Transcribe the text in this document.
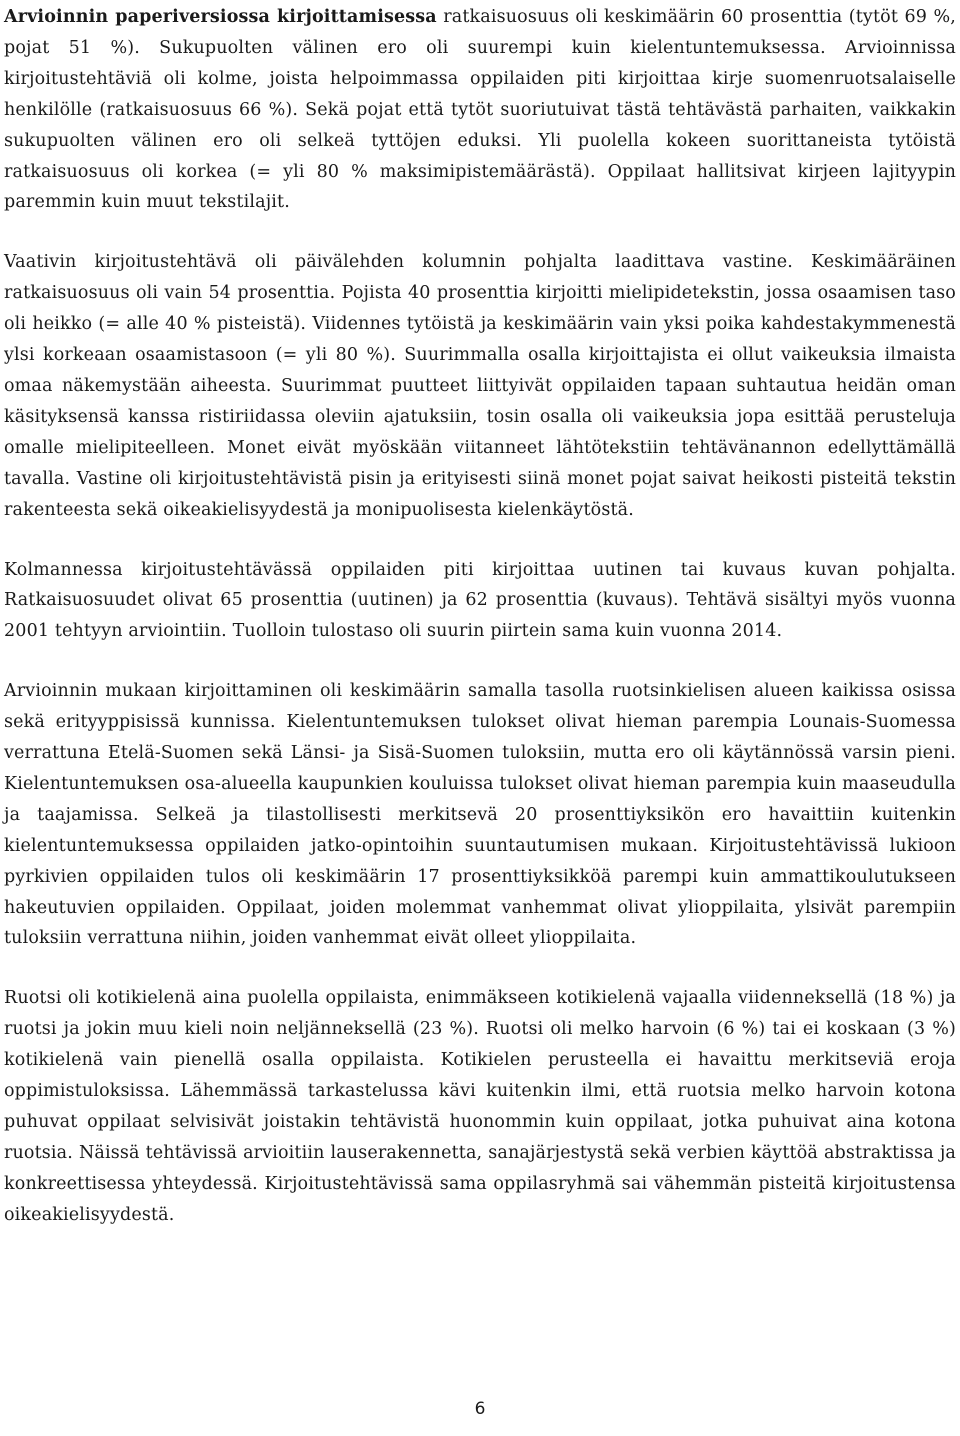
Arvioinnin paperiversiossa kirjoittamisessa ratkaisuosuus oli keskimäärin 60 prosenttia (tytöt 69 %, pojat 51 %). Sukupuolten välinen ero oli suurempi kuin kielentuntemuksessa. Arvioinnissa kirjoitustehtäviä oli kolme, joista helpoimmassa oppilaiden piti kirjoittaa kirje suomenruotsalaiselle henkilölle (ratkaisuosuus 66 %). Sekä pojat että tytöt suoriutuivat tästä tehtävästä parhaiten, vaikkakin sukupuolten välinen ero oli selkeä tyttöjen eduksi. Yli puolella kokeen suorittaneista tytöistä ratkaisuosuus oli korkea (= yli 80 % maksimipistemäärästä). Oppilaat hallitsivat kirjeen lajityypin paremmin kuin muut tekstilajit.

Vaativin kirjoitustehtävä oli päivälehden kolumnin pohjalta laadittava vastine. Keskimääräinen ratkaisuosuus oli vain 54 prosenttia. Pojista 40 prosenttia kirjoitti mielipidetekstin, jossa osaamisen taso oli heikko (= alle 40 % pisteistä). Viidennes tytöistä ja keskimäärin vain yksi poika kahdestakymmenestä ylsi korkeaan osaamistasoon (= yli 80 %). Suurimmalla osalla kirjoittajista ei ollut vaikeuksia ilmaista omaa näkemystään aiheesta. Suurimmat puutteet liittyivät oppilaiden tapaan suhtautua heidän oman käsityksensä kanssa ristiriidassa oleviin ajatuksiin, tosin osalla oli vaikeuksia jopa esittää perusteluja omalle mielipiteelleen. Monet eivät myöskään viitanneet lähtötekstiin tehtävänannon edellyttämällä tavalla. Vastine oli kirjoitustehtävistä pisin ja erityisesti siinä monet pojat saivat heikosti pisteitä tekstin rakenteesta sekä oikeakielisyydestä ja monipuolisesta kielenkäytöstä.

Kolmannessa kirjoitustehtävässä oppilaiden piti kirjoittaa uutinen tai kuvaus kuvan pohjalta. Ratkaisuosuudet olivat 65 prosenttia (uutinen) ja 62 prosenttia (kuvaus). Tehtävä sisältyi myös vuonna 2001 tehtyyn arviointiin. Tuolloin tulostaso oli suurin piirtein sama kuin vuonna 2014.

Arvioinnin mukaan kirjoittaminen oli keskimäärin samalla tasolla ruotsinkielisen alueen kaikissa osissa sekä erityyppisissä kunnissa. Kielentuntemuksen tulokset olivat hieman parempia Lounais-Suomessa verrattuna Etelä-Suomen sekä Länsi- ja Sisä-Suomen tuloksiin, mutta ero oli käytännössä varsin pieni. Kielentuntemuksen osa-alueella kaupunkien kouluissa tulokset olivat hieman parempia kuin maaseudulla ja taajamissa. Selkeä ja tilastollisesti merkitsevä 20 prosenttiyksikön ero havaittiin kuitenkin kielentuntemuksessa oppilaiden jatko-opintoihin suuntautumisen mukaan. Kirjoitustehtävissä lukioon pyrkivien oppilaiden tulos oli keskimäärin 17 prosenttiyksikköä parempi kuin ammattikoulutukseen hakeutuvien oppilaiden. Oppilaat, joiden molemmat vanhemmat olivat ylioppilaita, ylsivät parempiin tuloksiin verrattuna niihin, joiden vanhemmat eivät olleet ylioppilaita.

Ruotsi oli kotikielenä aina puolella oppilaista, enimmäkseen kotikielenä vajaalla viidenneksellä (18 %) ja ruotsi ja jokin muu kieli noin neljänneksellä (23 %). Ruotsi oli melko harvoin (6 %) tai ei koskaan (3 %) kotikielenä vain pienellä osalla oppilaista. Kotikielen perusteella ei havaittu merkitseviä eroja oppimistuloksissa. Lähemmässä tarkastelussa kävi kuitenkin ilmi, että ruotsia melko harvoin kotona puhuvat oppilaat selvisivät joistakin tehtävistä huonommin kuin oppilaat, jotka puhuivat aina kotona ruotsia. Näissä tehtävissä arvioitiin lauserakennetta, sanajärjestystä sekä verbien käyttöä abstraktissa ja konkreettisessa yhteydessä. Kirjoitustehtävissä sama oppilasryhmä sai vähemmän pisteitä kirjoitustensa oikeakielisyydestä.

6
